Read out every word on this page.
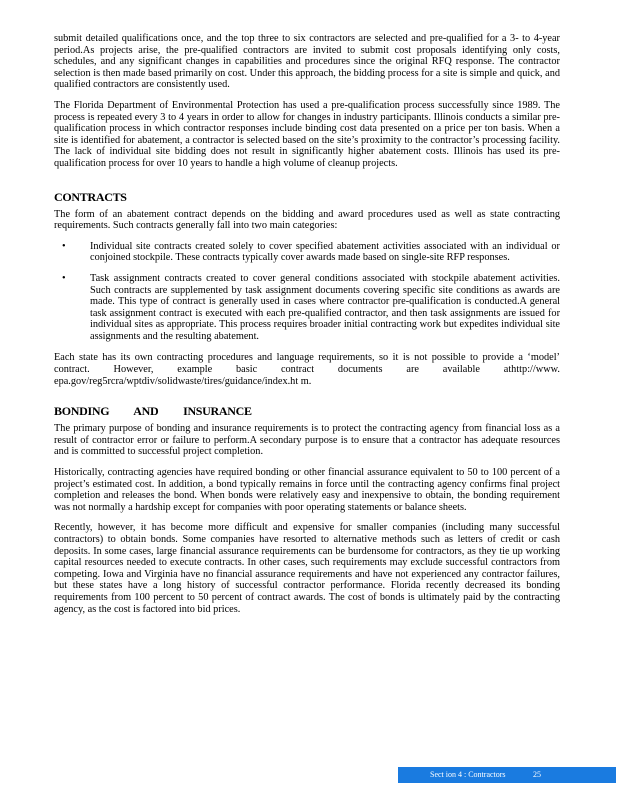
submit detailed qualifications once, and the top three to six contractors are selected and pre-qualified for a 3- to 4-year period.As projects arise, the pre-qualified contractors are invited to submit cost proposals identifying only costs, schedules, and any significant changes in capabilities and procedures since the original RFQ response. The contractor selection is then made based primarily on cost. Under this approach, the bidding process for a site is simple and quick, and qualified contractors are consistently used.

The Florida Department of Environmental Protection has used a pre-qualification process successfully since 1989. The process is repeated every 3 to 4 years in order to allow for changes in industry participants. Illinois conducts a similar pre-qualification process in which contractor responses include binding cost data presented on a price per ton basis. When a site is identified for abatement, a contractor is selected based on the site’s proximity to the contractor’s processing facility. The lack of individual site bidding does not result in significantly higher abatement costs. Illinois has used its pre-qualification process for over 10 years to handle a high volume of cleanup projects.

CONTRACTS

The form of an abatement contract depends on the bidding and award procedures used as well as state contracting requirements. Such contracts generally fall into two main categories:

• Individual site contracts created solely to cover specified abatement activities associated with an individual or conjoined stockpile. These contracts typically cover awards made based on single-site RFP responses.
• Task assignment contracts created to cover general conditions associated with stockpile abatement activities. Such contracts are supplemented by task assignment documents covering specific site conditions as awards are made. This type of contract is generally used in cases where contractor pre-qualification is conducted.A general task assignment contract is executed with each pre-qualified contractor, and then task assignments are issued for individual sites as appropriate. This process requires broader initial contracting work but expedites individual site assignments and the resulting abatement.

Each state has its own contracting procedures and language requirements, so it is not possible to provide a ‘model’ contract. However, example basic contract documents are available athttp://www. epa.gov/reg5rcra/wptdiv/solidwaste/tires/guidance/index.ht m.

BONDING AND INSURANCE

The primary purpose of bonding and insurance requirements is to protect the contracting agency from financial loss as a result of contractor error or failure to perform.A secondary purpose is to ensure that a contractor has adequate resources and is committed to successful project completion.

Historically, contracting agencies have required bonding or other financial assurance equivalent to 50 to 100 percent of a project’s estimated cost. In addition, a bond typically remains in force until the contracting agency confirms final project completion and releases the bond. When bonds were relatively easy and inexpensive to obtain, the bonding requirement was not normally a hardship except for companies with poor operating statements or balance sheets.

Recently, however, it has become more difficult and expensive for smaller companies (including many successful contractors) to obtain bonds. Some companies have resorted to alternative methods such as letters of credit or cash deposits. In some cases, large financial assurance requirements can be burdensome for contractors, as they tie up working capital resources needed to execute contracts. In other cases, such requirements may exclude successful contractors from competing. Iowa and Virginia have no financial assurance requirements and have not experienced any contractor failures, but these states have a long history of successful contractor performance. Florida recently decreased its bonding requirements from 100 percent to 50 percent of contract awards. The cost of bonds is ultimately paid by the contracting agency, as the cost is factored into bid prices.

Sect ion 4 : Contractors	25
